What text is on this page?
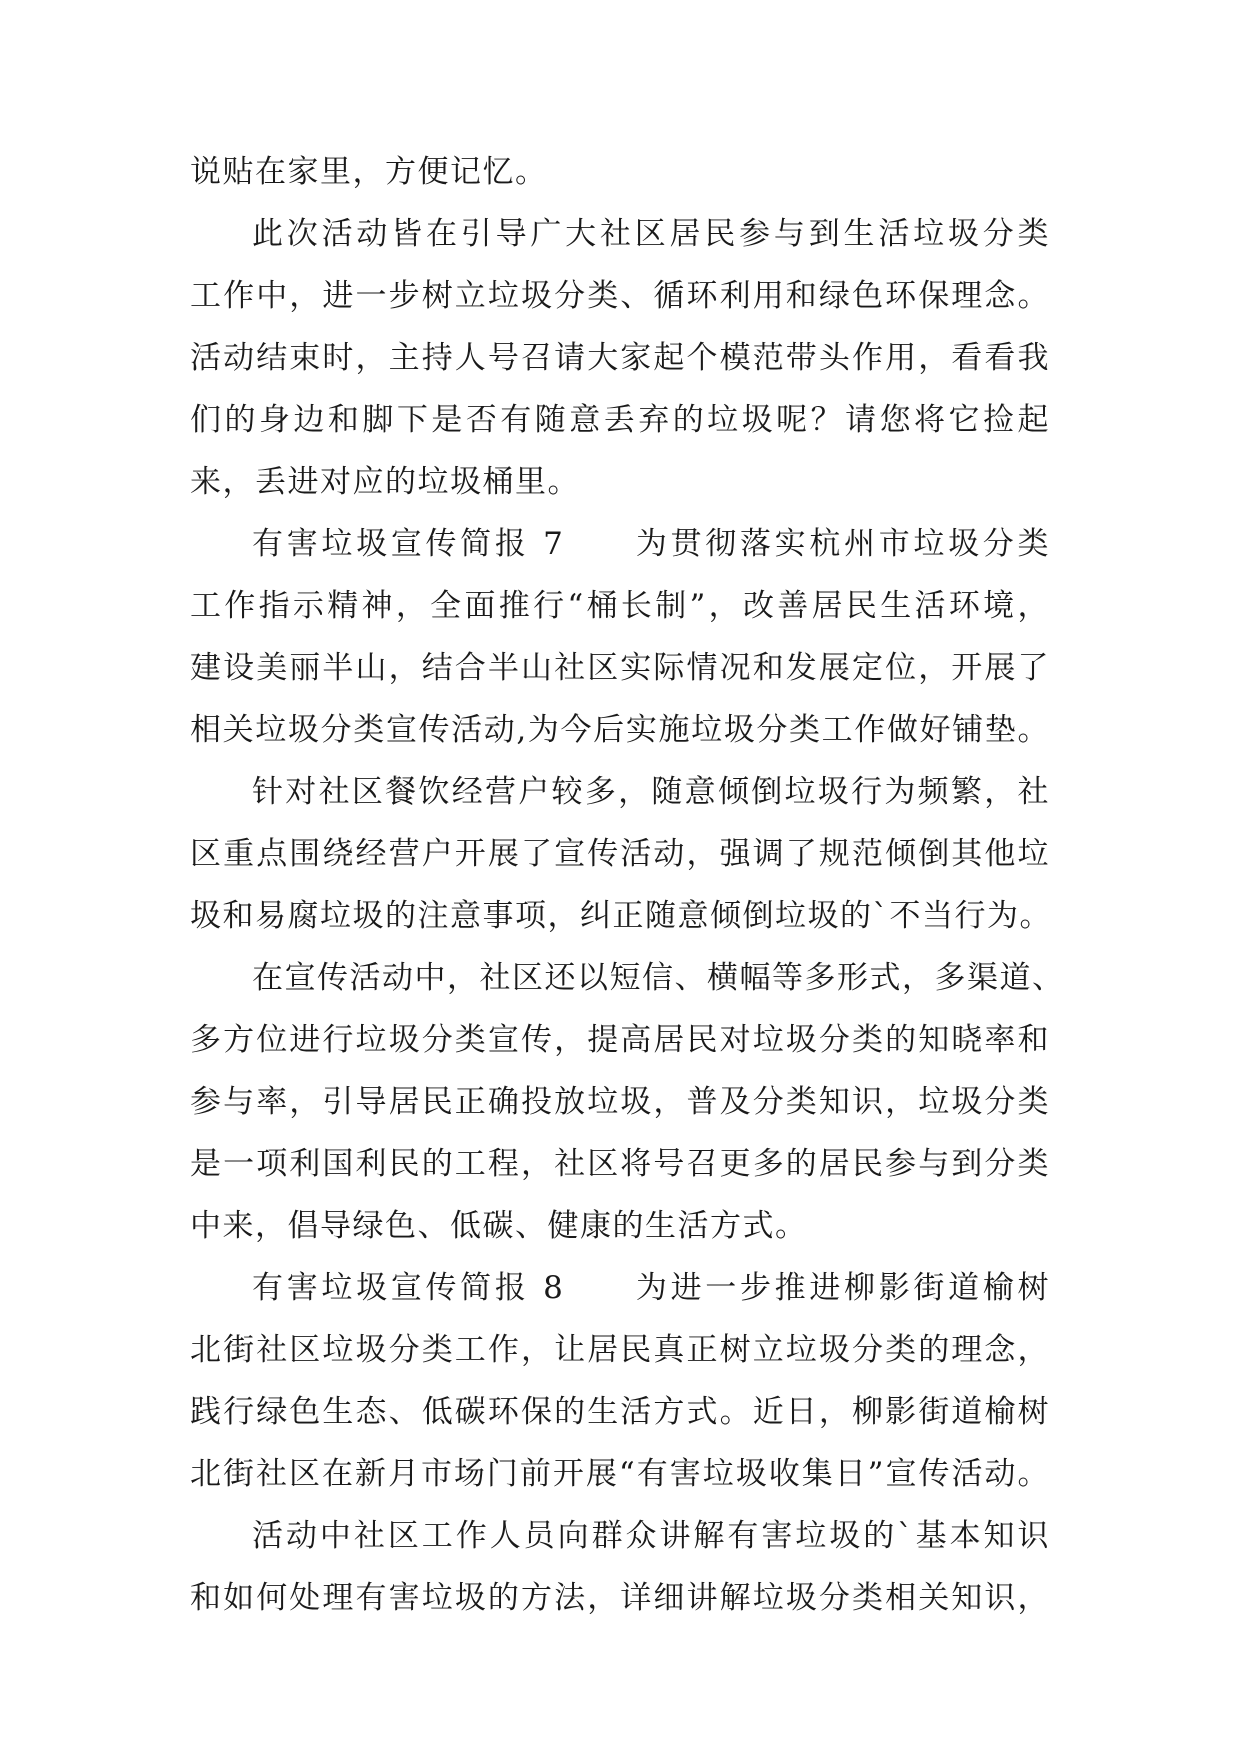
说贴在家里，方便记忆。
此次活动皆在引导广大社区居民参与到生活垃圾分类
工作中，进一步树立垃圾分类、循环利用和绿色环保理念。
活动结束时，主持人号召请大家起个模范带头作用，看看我
们的身边和脚下是否有随意丢弃的垃圾呢？请您将它捡起
来，丢进对应的垃圾桶里。
有害垃圾宣传简报 7　　为贯彻落实杭州市垃圾分类
工作指示精神，全面推行“桶长制”，改善居民生活环境，
建设美丽半山，结合半山社区实际情况和发展定位，开展了
相关垃圾分类宣传活动,为今后实施垃圾分类工作做好铺垫。
针对社区餐饮经营户较多，随意倾倒垃圾行为频繁，社
区重点围绕经营户开展了宣传活动，强调了规范倾倒其他垃
圾和易腐垃圾的注意事项，纠正随意倾倒垃圾的`不当行为。
在宣传活动中，社区还以短信、横幅等多形式，多渠道、
多方位进行垃圾分类宣传，提高居民对垃圾分类的知晓率和
参与率，引导居民正确投放垃圾，普及分类知识，垃圾分类
是一项利国利民的工程，社区将号召更多的居民参与到分类
中来，倡导绿色、低碳、健康的生活方式。
有害垃圾宣传简报 8　　为进一步推进柳影街道榆树
北街社区垃圾分类工作，让居民真正树立垃圾分类的理念，
践行绿色生态、低碳环保的生活方式。近日，柳影街道榆树
北街社区在新月市场门前开展“有害垃圾收集日”宣传活动。
活动中社区工作人员向群众讲解有害垃圾的`基本知识
和如何处理有害垃圾的方法，详细讲解垃圾分类相关知识，
